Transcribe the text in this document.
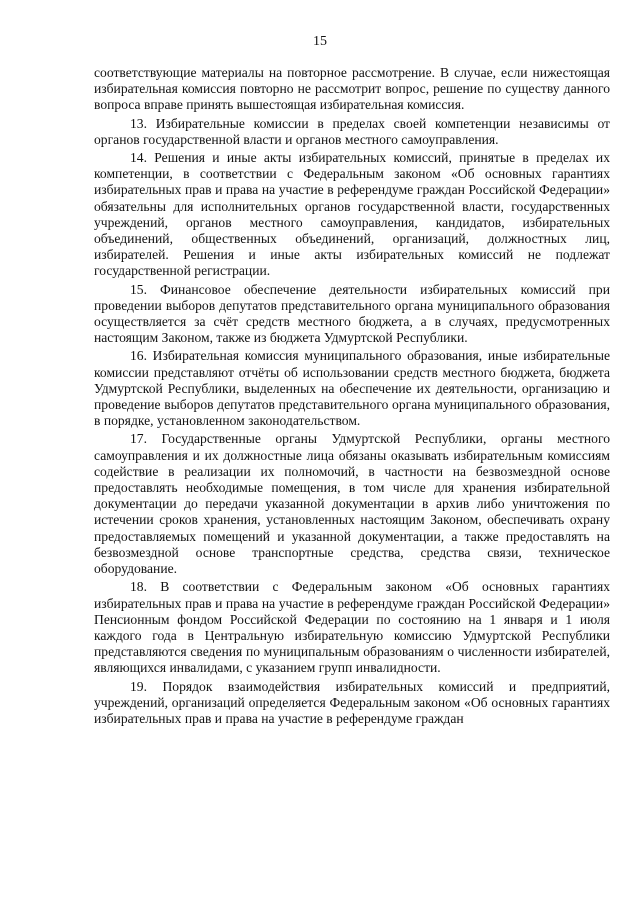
15

соответствующие материалы на повторное рассмотрение. В случае, если нижестоящая избирательная комиссия повторно не рассмотрит вопрос, решение по существу данного вопроса вправе принять вышестоящая избирательная комиссия.

13. Избирательные комиссии в пределах своей компетенции независимы от органов государственной власти и органов местного самоуправления.

14. Решения и иные акты избирательных комиссий, принятые в пределах их компетенции, в соответствии с Федеральным законом «Об основных гарантиях избирательных прав и права на участие в референдуме граждан Российской Федерации» обязательны для исполнительных органов государственной власти, государственных учреждений, органов местного самоуправления, кандидатов, избирательных объединений, общественных объединений, организаций, должностных лиц, избирателей. Решения и иные акты избирательных комиссий не подлежат государственной регистрации.

15. Финансовое обеспечение деятельности избирательных комиссий при проведении выборов депутатов представительного органа муниципального образования осуществляется за счёт средств местного бюджета, а в случаях, предусмотренных настоящим Законом, также из бюджета Удмуртской Республики.

16. Избирательная комиссия муниципального образования, иные избирательные комиссии представляют отчёты об использовании средств местного бюджета, бюджета Удмуртской Республики, выделенных на обеспечение их деятельности, организацию и проведение выборов депутатов представительного органа муниципального образования, в порядке, установленном законодательством.

17. Государственные органы Удмуртской Республики, органы местного самоуправления и их должностные лица обязаны оказывать избирательным комиссиям содействие в реализации их полномочий, в частности на безвозмездной основе предоставлять необходимые помещения, в том числе для хранения избирательной документации до передачи указанной документации в архив либо уничтожения по истечении сроков хранения, установленных настоящим Законом, обеспечивать охрану предоставляемых помещений и указанной документации, а также предоставлять на безвозмездной основе транспортные средства, средства связи, техническое оборудование.

18. В соответствии с Федеральным законом «Об основных гарантиях избирательных прав и права на участие в референдуме граждан Российской Федерации» Пенсионным фондом Российской Федерации по состоянию на 1 января и 1 июля каждого года в Центральную избирательную комиссию Удмуртской Республики представляются сведения по муниципальным образованиям о численности избирателей, являющихся инвалидами, с указанием групп инвалидности.

19. Порядок взаимодействия избирательных комиссий и предприятий, учреждений, организаций определяется Федеральным законом «Об основных гарантиях избирательных прав и права на участие в референдуме граждан
